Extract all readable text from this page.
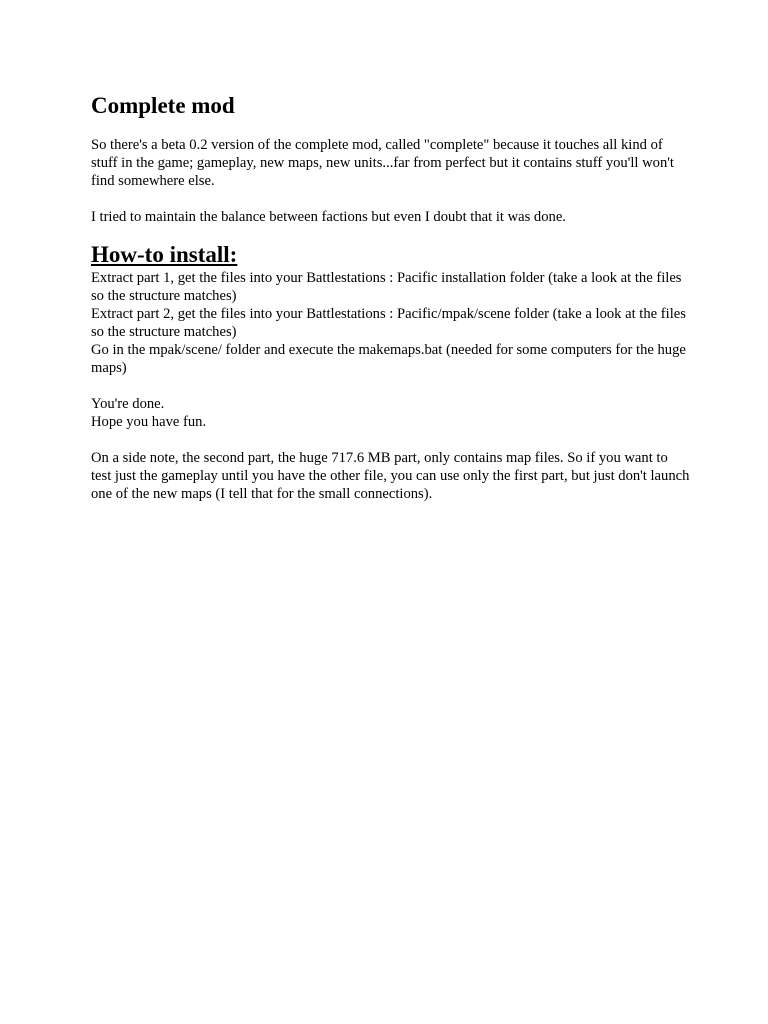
Complete mod

So there's a beta 0.2 version of the complete mod, called "complete" because it touches all kind of stuff in the game; gameplay, new maps, new units...far from perfect but it contains stuff you'll won't find somewhere else.

I tried to maintain the balance between factions but even I doubt that it was done.

How-to install:

Extract part 1, get the files into your Battlestations : Pacific installation folder (take a look at the files so the structure matches)

Extract part 2, get the files into your Battlestations : Pacific/mpak/scene folder (take a look at the files so the structure matches)

Go in the mpak/scene/ folder and execute the makemaps.bat (needed for some computers for the huge maps)

You're done.

Hope you have fun.

On a side note, the second part, the huge 717.6 MB part, only contains map files. So if you want to test just the gameplay until you have the other file, you can use only the first part, but just don't launch one of the new maps (I tell that for the small connections).
